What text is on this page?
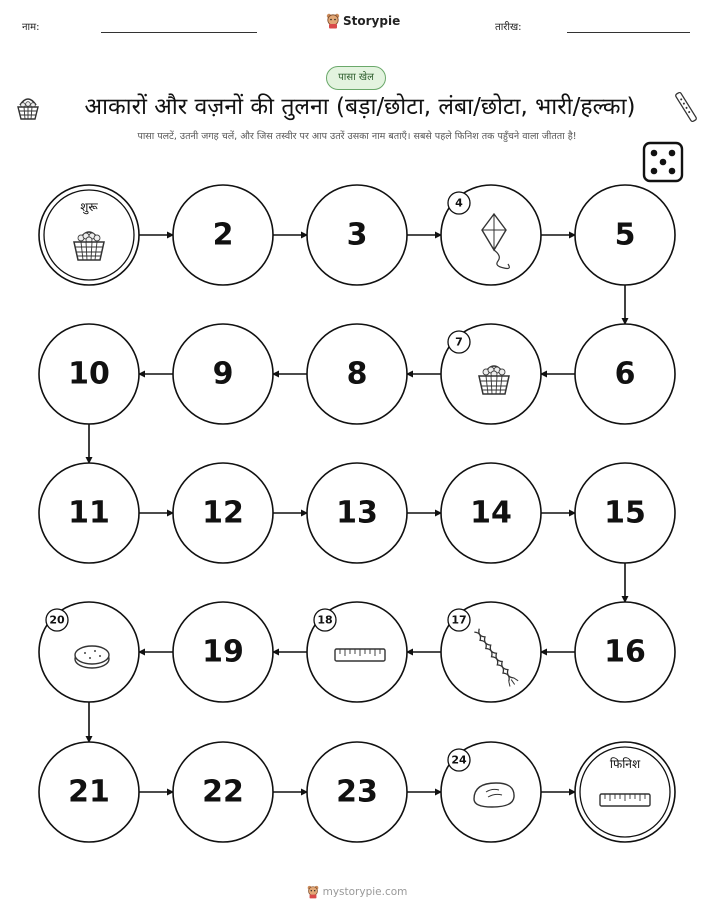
नाम:	Storypie	तारीख:
पासा खेल
आकारों और वज़नों की तुलना (बड़ा/छोटा, लंबा/छोटा, भारी/हल्का)
पासा पलटें, उतनी जगह चलें, और जिस तस्वीर पर आप उतरें उसका नाम बताएँ। सबसे पहले फिनिश तक पहुँचने वाला जीतता है!
शुरू
2	3
4
5
6
7
8
9
10
11	12	13	14	15
16
17
18
19
20
21	22	23
24	फिनिश
mystorypie.com
